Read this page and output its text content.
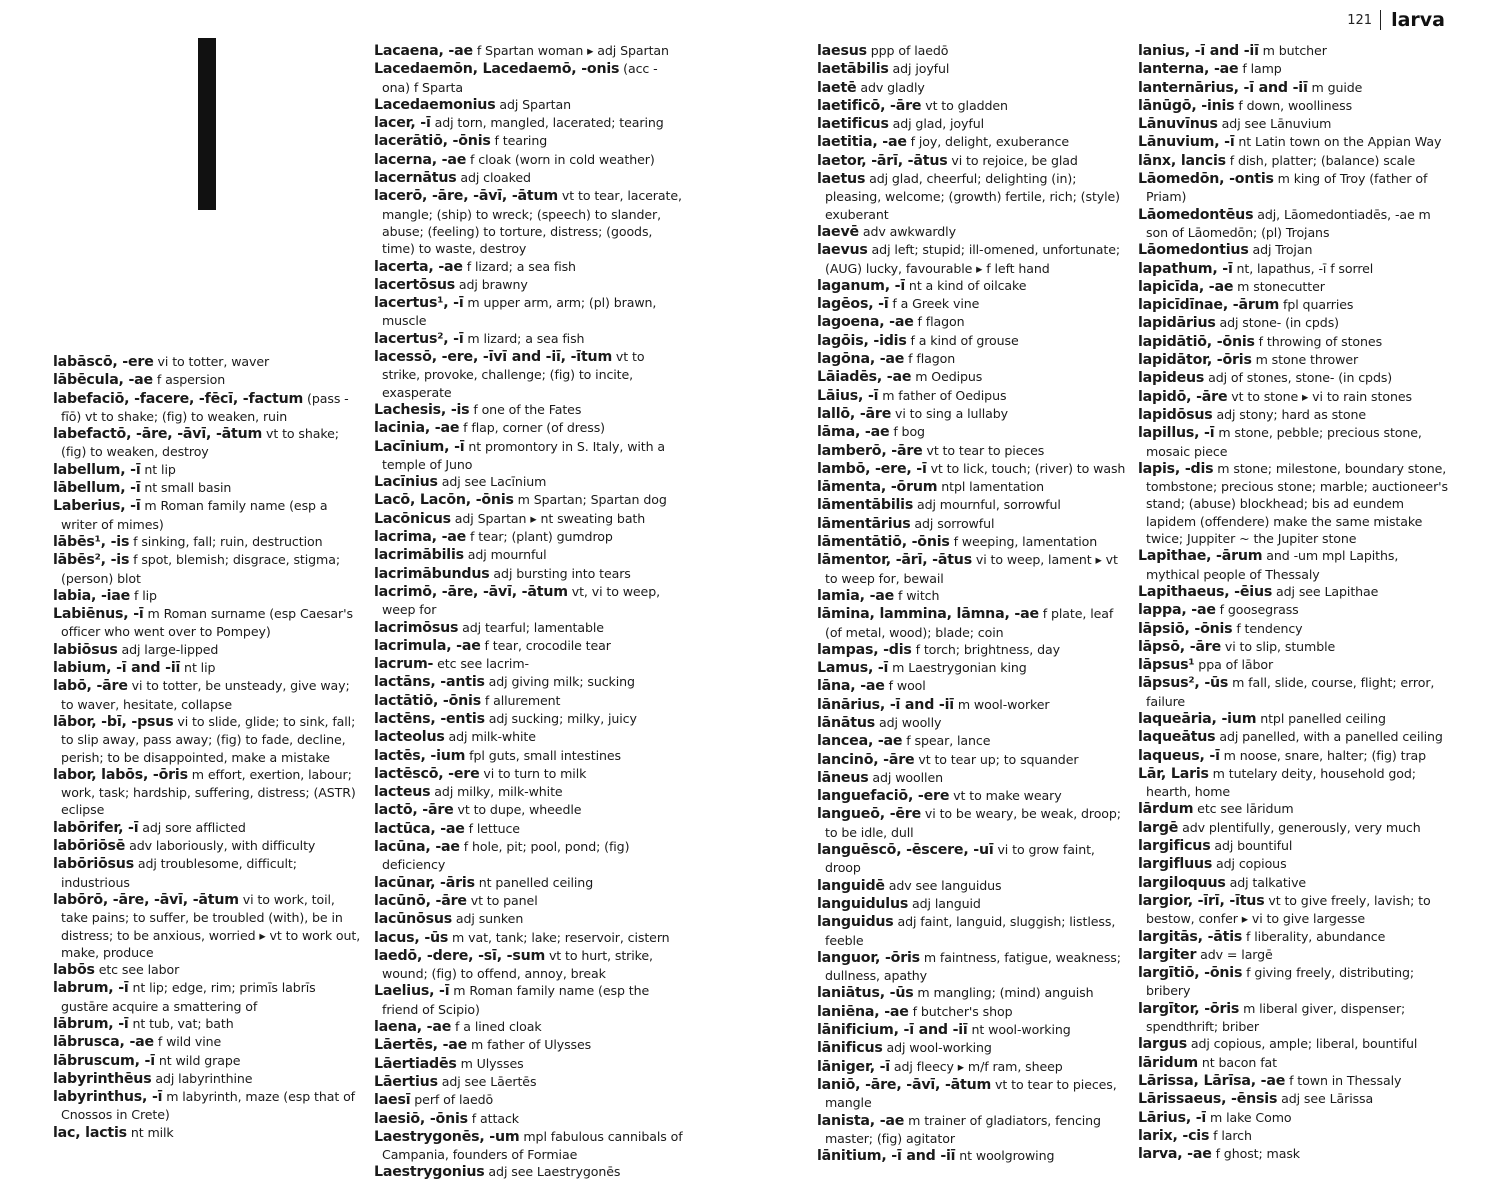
121 larva

labāscō, -ere vi to totter, waver

lābēcula, -ae f aspersion

labefaciō, -facere, -fēcī, -factum (pass -fīō) vt to shake; (fig) to weaken, ruin

labefactō, -āre, -āvī, -ātum vt to shake; (fig) to weaken, destroy

labellum, -ī nt lip

lābellum, -ī nt small basin

Laberius, -ī m Roman family name (esp a writer of mimes)

lābēs¹, -is f sinking, fall; ruin, destruction

lābēs², -is f spot, blemish; disgrace, stigma; (person) blot

labia, -iae f lip

Labiēnus, -ī m Roman surname (esp Caesar's officer who went over to Pompey)

labiōsus adj large-lipped

labium, -ī and -iī nt lip

labō, -āre vi to totter, be unsteady, give way; to waver, hesitate, collapse

lābor, -bī, -psus vi to slide, glide; to sink, fall; to slip away, pass away; (fig) to fade, decline, perish; to be disappointed, make a mistake

labor, labōs, -ōris m effort, exertion, labour; work, task; hardship, suffering, distress; (ASTR) eclipse

labōrifer, -ī adj sore afflicted

labōriōsē adv laboriously, with difficulty

labōriōsus adj troublesome, difficult; industrious

labōrō, -āre, -āvī, -ātum vi to work, toil, take pains; to suffer, be troubled (with), be in distress; to be anxious, worried ▸ vt to work out, make, produce

labōs etc see labor

labrum, -ī nt lip; edge, rim; primīs labrīs gustāre acquire a smattering of

lābrum, -ī nt tub, vat; bath

lābrusca, -ae f wild vine

lābruscum, -ī nt wild grape

labyrinthēus adj labyrinthine

labyrinthus, -ī m labyrinth, maze (esp that of Cnossos in Crete)

lac, lactis nt milk

Lacaena, -ae f Spartan woman ▸ adj Spartan

Lacedaemōn, Lacedaemō, -onis (acc -ona) f Sparta

Lacedaemonius adj Spartan

lacer, -ī adj torn, mangled, lacerated; tearing

lacerātiō, -ōnis f tearing

lacerna, -ae f cloak (worn in cold weather)

lacernātus adj cloaked

lacerō, -āre, -āvī, -ātum vt to tear, lacerate, mangle; (ship) to wreck; (speech) to slander, abuse; (feeling) to torture, distress; (goods, time) to waste, destroy

lacerta, -ae f lizard; a sea fish

lacertōsus adj brawny

lacertus¹, -ī m upper arm, arm; (pl) brawn, muscle

lacertus², -ī m lizard; a sea fish

lacessō, -ere, -īvī and -iī, -ītum vt to strike, provoke, challenge; (fig) to incite, exasperate

Lachesis, -is f one of the Fates

lacinia, -ae f flap, corner (of dress)

Lacīnium, -ī nt promontory in S. Italy, with a temple of Juno

Lacīnius adj see Lacīnium

Lacō, Lacōn, -ōnis m Spartan; Spartan dog

Lacōnicus adj Spartan ▸ nt sweating bath

lacrima, -ae f tear; (plant) gumdrop

lacrimābilis adj mournful

lacrimābundus adj bursting into tears

lacrimō, -āre, -āvī, -ātum vt, vi to weep, weep for

lacrimōsus adj tearful; lamentable

lacrimula, -ae f tear, crocodile tear

lacrum- etc see lacrim-

lactāns, -antis adj giving milk; sucking

lactātiō, -ōnis f allurement

lactēns, -entis adj sucking; milky, juicy

lacteolus adj milk-white

lactēs, -ium fpl guts, small intestines

lactēscō, -ere vi to turn to milk

lacteus adj milky, milk-white

lactō, -āre vt to dupe, wheedle

lactūca, -ae f lettuce

lacūna, -ae f hole, pit; pool, pond; (fig) deficiency

lacūnar, -āris nt panelled ceiling

lacūnō, -āre vt to panel

lacūnōsus adj sunken

lacus, -ūs m vat, tank; lake; reservoir, cistern

laedō, -dere, -sī, -sum vt to hurt, strike, wound; (fig) to offend, annoy, break

Laelius, -ī m Roman family name (esp the friend of Scipio)

laena, -ae f a lined cloak

Lāertēs, -ae m father of Ulysses

Lāertiadēs m Ulysses

Lāertius adj see Lāertēs

laesī perf of laedō

laesiō, -ōnis f attack

Laestrygonēs, -um mpl fabulous cannibals of Campania, founders of Formiae

Laestrygonius adj see Laestrygonēs

laesus ppp of laedō

laetābilis adj joyful

laetē adv gladly

laetificō, -āre vt to gladden

laetificus adj glad, joyful

laetitia, -ae f joy, delight, exuberance

laetor, -ārī, -ātus vi to rejoice, be glad

laetus adj glad, cheerful; delighting (in); pleasing, welcome; (growth) fertile, rich; (style) exuberant

laevē adv awkwardly

laevus adj left; stupid; ill-omened, unfortunate; (AUG) lucky, favourable ▸ f left hand

laganum, -ī nt a kind of oilcake

lagēos, -ī f a Greek vine

lagoena, -ae f flagon

lagōis, -idis f a kind of grouse

lagōna, -ae f flagon

Lāiadēs, -ae m Oedipus

Lāius, -ī m father of Oedipus

lallō, -āre vi to sing a lullaby

lāma, -ae f bog

lamberō, -āre vt to tear to pieces

lambō, -ere, -ī vt to lick, touch; (river) to wash

lāmenta, -ōrum ntpl lamentation

lāmentābilis adj mournful, sorrowful

lāmentārius adj sorrowful

lāmentātiō, -ōnis f weeping, lamentation

lāmentor, -ārī, -ātus vi to weep, lament ▸ vt to weep for, bewail

lamia, -ae f witch

lāmina, lammina, lāmna, -ae f plate, leaf (of metal, wood); blade; coin

lampas, -dis f torch; brightness, day

Lamus, -ī m Laestrygonian king

lāna, -ae f wool

lānārius, -ī and -iī m wool-worker

lānātus adj woolly

lancea, -ae f spear, lance

lancinō, -āre vt to tear up; to squander

lāneus adj woollen

languefaciō, -ere vt to make weary

langueō, -ēre vi to be weary, be weak, droop; to be idle, dull

languēscō, -ēscere, -uī vi to grow faint, droop

languidē adv see languidus

languidulus adj languid

languidus adj faint, languid, sluggish; listless, feeble

languor, -ōris m faintness, fatigue, weakness; dullness, apathy

laniātus, -ūs m mangling; (mind) anguish

laniēna, -ae f butcher's shop

lānificium, -ī and -iī nt wool-working

lānificus adj wool-working

lāniger, -ī adj fleecy ▸ m/f ram, sheep

laniō, -āre, -āvī, -ātum vt to tear to pieces, mangle

lanista, -ae m trainer of gladiators, fencing master; (fig) agitator

lānitium, -ī and -iī nt woolgrowing

lanius, -ī and -iī m butcher

lanterna, -ae f lamp

lanternārius, -ī and -iī m guide

lānūgō, -inis f down, woolliness

Lānuvīnus adj see Lānuvium

Lānuvium, -ī nt Latin town on the Appian Way

lānx, lancis f dish, platter; (balance) scale

Lāomedōn, -ontis m king of Troy (father of Priam)

Lāomedontēus adj, Lāomedontiadēs, -ae m son of Lāomedōn; (pl) Trojans

Lāomedontius adj Trojan

lapathum, -ī nt, lapathus, -ī f sorrel

lapicīda, -ae m stonecutter

lapicīdīnae, -ārum fpl quarries

lapidārius adj stone- (in cpds)

lapidātiō, -ōnis f throwing of stones

lapidātor, -ōris m stone thrower

lapideus adj of stones, stone- (in cpds)

lapidō, -āre vt to stone ▸ vi to rain stones

lapidōsus adj stony; hard as stone

lapillus, -ī m stone, pebble; precious stone, mosaic piece

lapis, -dis m stone; milestone, boundary stone, tombstone; precious stone; marble; auctioneer's stand; (abuse) blockhead; bis ad eundem lapidem (offendere) make the same mistake twice; Juppiter ~ the Jupiter stone

Lapithae, -ārum and -um mpl Lapiths, mythical people of Thessaly

Lapithaeus, -ēius adj see Lapithae

lappa, -ae f goosegrass

lāpsiō, -ōnis f tendency

lāpsō, -āre vi to slip, stumble

lāpsus¹ ppa of lābor

lāpsus², -ūs m fall, slide, course, flight; error, failure

laqueāria, -ium ntpl panelled ceiling

laqueātus adj panelled, with a panelled ceiling

laqueus, -ī m noose, snare, halter; (fig) trap

Lār, Laris m tutelary deity, household god; hearth, home

lārdum etc see lāridum

largē adv plentifully, generously, very much

largificus adj bountiful

largifluus adj copious

largiloquus adj talkative

largior, -īrī, -ītus vt to give freely, lavish; to bestow, confer ▸ vi to give largesse

largitās, -ātis f liberality, abundance

largiter adv = largē

largītiō, -ōnis f giving freely, distributing; bribery

largītor, -ōris m liberal giver, dispenser; spendthrift; briber

largus adj copious, ample; liberal, bountiful

lāridum nt bacon fat

Lārissa, Lārīsa, -ae f town in Thessaly

Lārissaeus, -ēnsis adj see Lārissa

Lārius, -ī m lake Como

larix, -cis f larch

larva, -ae f ghost; mask
